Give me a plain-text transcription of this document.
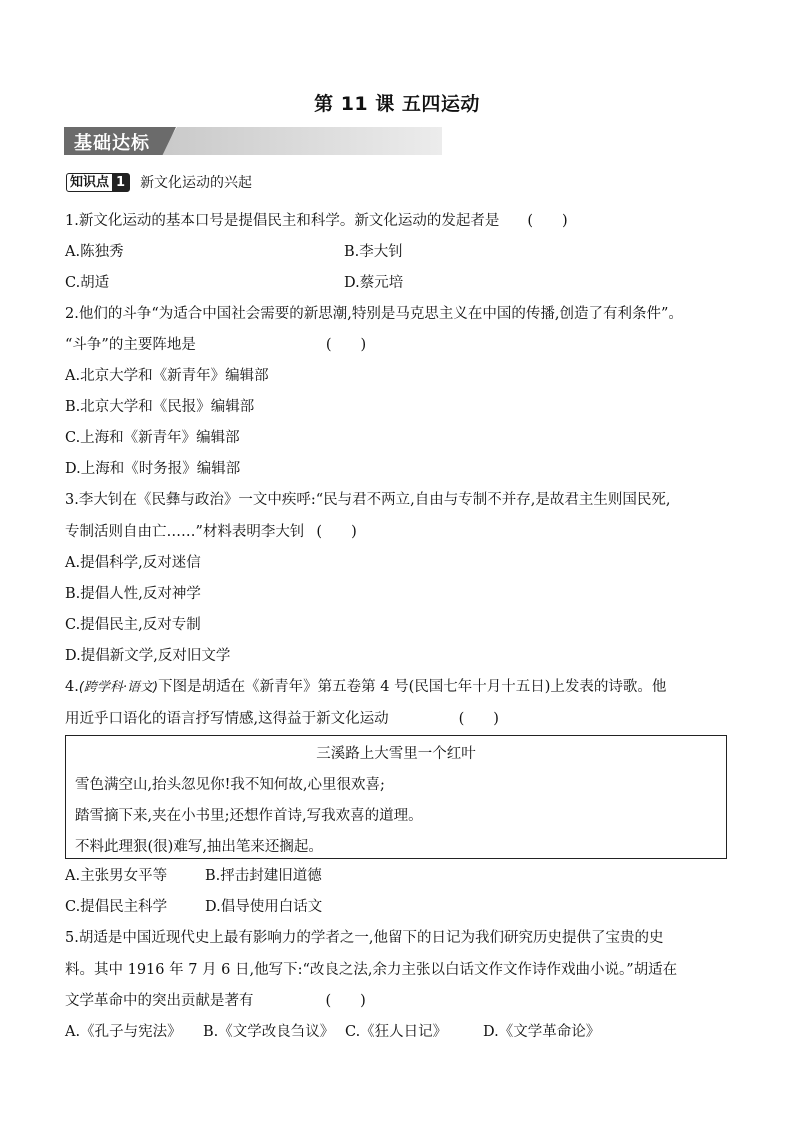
第 11 课 五四运动
基础达标
知识点 1 新文化运动的兴起
1.新文化运动的基本口号是提倡民主和科学。新文化运动的发起者是 (　　)
A.陈独秀	B.李大钊
C.胡适	D.蔡元培
2.他们的斗争“为适合中国社会需要的新思潮,特别是马克思主义在中国的传播,创造了有利条件”。
“斗争”的主要阵地是	(　　)
A.北京大学和《新青年》编辑部
B.北京大学和《民报》编辑部
C.上海和《新青年》编辑部
D.上海和《时务报》编辑部
3.李大钊在《民彝与政治》一文中疾呼:“民与君不两立,自由与专制不并存,是故君主生则国民死,
专制活则自由亡……”材料表明李大钊 (　　)
A.提倡科学,反对迷信
B.提倡人性,反对神学
C.提倡民主,反对专制
D.提倡新文学,反对旧文学
4.(跨学科·语文)下图是胡适在《新青年》第五卷第 4 号(民国七年十月十五日)上发表的诗歌。他
用近乎口语化的语言抒写情感,这得益于新文化运动	(　　)
三溪路上大雪里一个红叶
雪色满空山,抬头忽见你!我不知何故,心里很欢喜;
踏雪摘下来,夹在小书里;还想作首诗,写我欢喜的道理。
不料此理狠(很)难写,抽出笔来还搁起。
A.主张男女平等	B.抨击封建旧道德
C.提倡民主科学	D.倡导使用白话文
5.胡适是中国近现代史上最有影响力的学者之一,他留下的日记为我们研究历史提供了宝贵的史
料。其中 1916 年 7 月 6 日,他写下:“改良之法,余力主张以白话文作文作诗作戏曲小说。”胡适在
文学革命中的突出贡献是著有	(　　)
A.《孔子与宪法》 B.《文学改良刍议》 C.《狂人日记》 D.《文学革命论》
